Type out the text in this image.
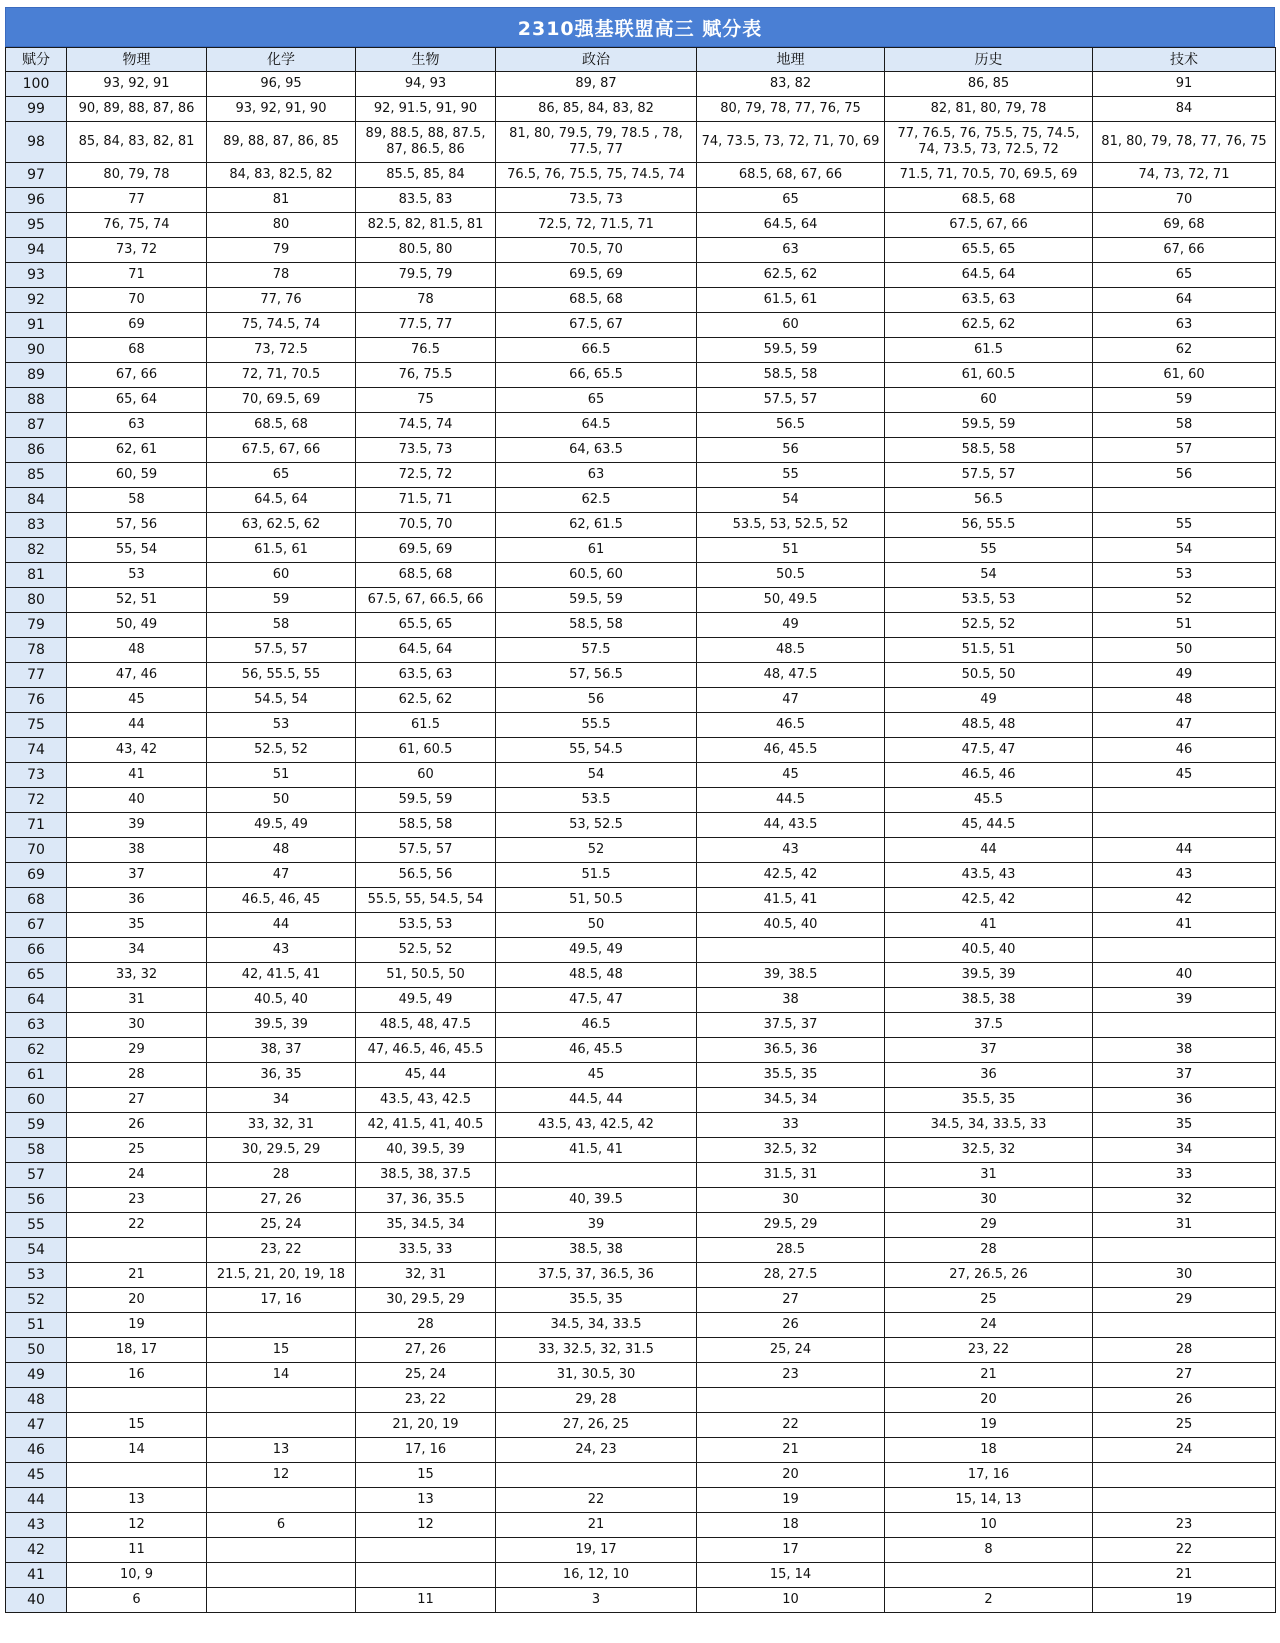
2310强基联盟高三 赋分表
赋分	物理	化学	生物	政治	地理	历史	技术
100	93, 92, 91	96, 95	94, 93	89, 87	83, 82	86, 85	91
99	90, 89, 88, 87, 86	93, 92, 91, 90	92, 91.5, 91, 90	86, 85, 84, 83, 82	80, 79, 78, 77, 76, 75	82, 81, 80, 79, 78	84
98	85, 84, 83, 82, 81	89, 88, 87, 86, 85	89, 88.5, 88, 87.5, 87, 86.5, 86	81, 80, 79.5, 79, 78.5 , 78, 77.5, 77	74, 73.5, 73, 72, 71, 70, 69	77, 76.5, 76, 75.5, 75, 74.5, 74, 73.5, 73, 72.5, 72	81, 80, 79, 78, 77, 76, 75
97	80, 79, 78	84, 83, 82.5, 82	85.5, 85, 84	76.5, 76, 75.5, 75, 74.5, 74	68.5, 68, 67, 66	71.5, 71, 70.5, 70, 69.5, 69	74, 73, 72, 71
96	77	81	83.5, 83	73.5, 73	65	68.5, 68	70
95	76, 75, 74	80	82.5, 82, 81.5, 81	72.5, 72, 71.5, 71	64.5, 64	67.5, 67, 66	69, 68
94	73, 72	79	80.5, 80	70.5, 70	63	65.5, 65	67, 66
93	71	78	79.5, 79	69.5, 69	62.5, 62	64.5, 64	65
92	70	77, 76	78	68.5, 68	61.5, 61	63.5, 63	64
91	69	75, 74.5, 74	77.5, 77	67.5, 67	60	62.5, 62	63
90	68	73, 72.5	76.5	66.5	59.5, 59	61.5	62
89	67, 66	72, 71, 70.5	76, 75.5	66, 65.5	58.5, 58	61, 60.5	61, 60
88	65, 64	70, 69.5, 69	75	65	57.5, 57	60	59
87	63	68.5, 68	74.5, 74	64.5	56.5	59.5, 59	58
86	62, 61	67.5, 67, 66	73.5, 73	64, 63.5	56	58.5, 58	57
85	60, 59	65	72.5, 72	63	55	57.5, 57	56
84	58	64.5, 64	71.5, 71	62.5	54	56.5	
83	57, 56	63, 62.5, 62	70.5, 70	62, 61.5	53.5, 53, 52.5, 52	56, 55.5	55
82	55, 54	61.5, 61	69.5, 69	61	51	55	54
81	53	60	68.5, 68	60.5, 60	50.5	54	53
80	52, 51	59	67.5, 67, 66.5, 66	59.5, 59	50, 49.5	53.5, 53	52
79	50, 49	58	65.5, 65	58.5, 58	49	52.5, 52	51
78	48	57.5, 57	64.5, 64	57.5	48.5	51.5, 51	50
77	47, 46	56, 55.5, 55	63.5, 63	57, 56.5	48, 47.5	50.5, 50	49
76	45	54.5, 54	62.5, 62	56	47	49	48
75	44	53	61.5	55.5	46.5	48.5, 48	47
74	43, 42	52.5, 52	61, 60.5	55, 54.5	46, 45.5	47.5, 47	46
73	41	51	60	54	45	46.5, 46	45
72	40	50	59.5, 59	53.5	44.5	45.5	
71	39	49.5, 49	58.5, 58	53, 52.5	44, 43.5	45, 44.5	
70	38	48	57.5, 57	52	43	44	44
69	37	47	56.5, 56	51.5	42.5, 42	43.5, 43	43
68	36	46.5, 46, 45	55.5, 55, 54.5, 54	51, 50.5	41.5, 41	42.5, 42	42
67	35	44	53.5, 53	50	40.5, 40	41	41
66	34	43	52.5, 52	49.5, 49		40.5, 40	
65	33, 32	42, 41.5, 41	51, 50.5, 50	48.5, 48	39, 38.5	39.5, 39	40
64	31	40.5, 40	49.5, 49	47.5, 47	38	38.5, 38	39
63	30	39.5, 39	48.5, 48, 47.5	46.5	37.5, 37	37.5	
62	29	38, 37	47, 46.5, 46, 45.5	46, 45.5	36.5, 36	37	38
61	28	36, 35	45, 44	45	35.5, 35	36	37
60	27	34	43.5, 43, 42.5	44.5, 44	34.5, 34	35.5, 35	36
59	26	33, 32, 31	42, 41.5, 41, 40.5	43.5, 43, 42.5, 42	33	34.5, 34, 33.5, 33	35
58	25	30, 29.5, 29	40, 39.5, 39	41.5, 41	32.5, 32	32.5, 32	34
57	24	28	38.5, 38, 37.5		31.5, 31	31	33
56	23	27, 26	37, 36, 35.5	40, 39.5	30	30	32
55	22	25, 24	35, 34.5, 34	39	29.5, 29	29	31
54		23, 22	33.5, 33	38.5, 38	28.5	28	
53	21	21.5, 21, 20, 19, 18	32, 31	37.5, 37, 36.5, 36	28, 27.5	27, 26.5, 26	30
52	20	17, 16	30, 29.5, 29	35.5, 35	27	25	29
51	19		28	34.5, 34, 33.5	26	24	
50	18, 17	15	27, 26	33, 32.5, 32, 31.5	25, 24	23, 22	28
49	16	14	25, 24	31, 30.5, 30	23	21	27
48			23, 22	29, 28		20	26
47	15		21, 20, 19	27, 26, 25	22	19	25
46	14	13	17, 16	24, 23	21	18	24
45		12	15		20	17, 16	
44	13		13	22	19	15, 14, 13	
43	12	6	12	21	18	10	23
42	11			19, 17	17	8	22
41	10, 9			16, 12, 10	15, 14		21
40	6		11	3	10	2	19
